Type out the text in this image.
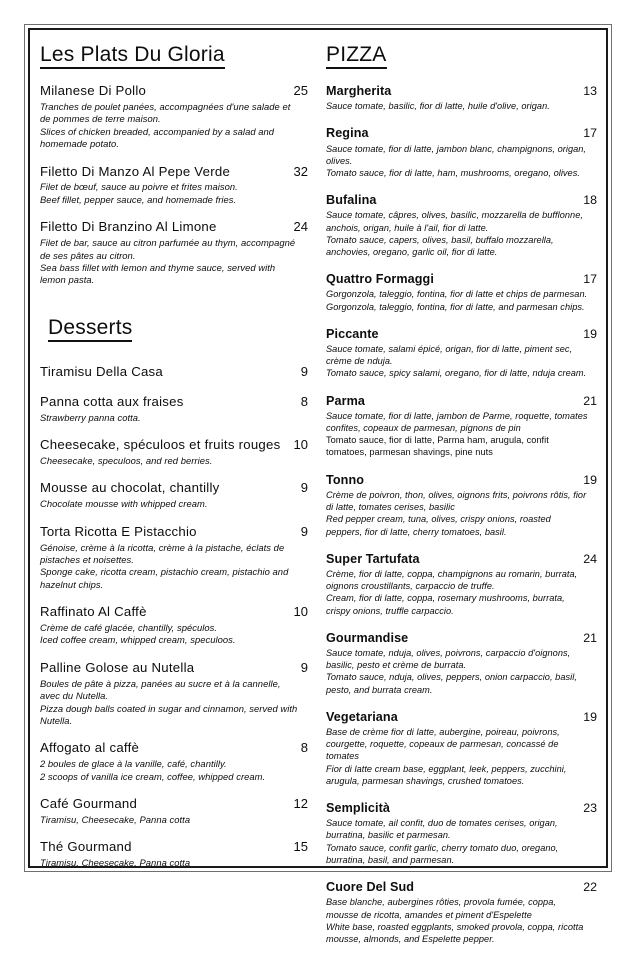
Les Plats Du Gloria
Milanese Di Pollo	25
Tranches de poulet panées, accompagnées d'une salade et de pommes de terre maison.
Slices of chicken breaded, accompanied by a salad and homemade potato.
Filetto Di Manzo Al Pepe Verde	32
Filet de bœuf, sauce au poivre et frites maison.
Beef fillet, pepper sauce, and homemade fries.
Filetto Di Branzino Al Limone	24
Filet de bar, sauce au citron parfumée au thym, accompagné de ses pâtes au citron.
Sea bass fillet with lemon and thyme sauce, served with lemon pasta.
Desserts
Tiramisu Della Casa	9
Panna cotta aux fraises	8
Strawberry panna cotta.
Cheesecake, spéculoos et fruits rouges	10
Cheesecake, speculoos, and red berries.
Mousse au chocolat, chantilly	9
Chocolate mousse with whipped cream.
Torta Ricotta E Pistacchio	9
Génoise, crème à la ricotta, crème à la pistache, éclats de pistaches et noisettes.
Sponge cake, ricotta cream, pistachio cream, pistachio and hazelnut chips.
Raffinato Al Caffè	10
Crème de café glacée, chantilly, spéculos.
Iced coffee cream, whipped cream, speculoos.
Palline Golose au Nutella	9
Boules de pâte à pizza, panées au sucre et à la cannelle, avec du Nutella.
Pizza dough balls coated in sugar and cinnamon, served with Nutella.
Affogato al caffè	8
2 boules de glace à la vanille, café, chantilly.
2 scoops of vanilla ice cream, coffee, whipped cream.
Café Gourmand	12
Tiramisu, Cheesecake, Panna cotta
Thé Gourmand	15
Tiramisu, Cheesecake, Panna cotta
PIZZA
Margherita	13
Sauce tomate, basilic, fior di latte, huile d'olive, origan.
Regina	17
Sauce tomate, fior di latte, jambon blanc, champignons, origan, olives.
Tomato sauce, fior di latte, ham, mushrooms, oregano, olives.
Bufalina	18
Sauce tomate, câpres, olives, basilic, mozzarella de bufflonne, anchois, origan, huile à l'ail, fior di latte.
Tomato sauce, capers, olives, basil, buffalo mozzarella, anchovies, oregano, garlic oil, fior di latte.
Quattro Formaggi	17
Gorgonzola, taleggio, fontina, fior di latte et chips de parmesan.
Gorgonzola, taleggio, fontina, fior di latte, and parmesan chips.
Piccante	19
Sauce tomate, salami épicé, origan, fior di latte, piment sec, crème de nduja.
Tomato sauce, spicy salami, oregano, fior di latte, nduja cream.
Parma	21
Sauce tomate, fior di latte, jambon de Parme, roquette, tomates confites, copeaux de parmesan, pignons de pin
Tomato sauce, fior di latte, Parma ham, arugula, confit tomatoes, parmesan shavings, pine nuts
Tonno	19
Crème de poivron, thon, olives, oignons frits, poivrons rôtis, fior di latte, tomates cerises, basilic
Red pepper cream, tuna, olives, crispy onions, roasted peppers, fior di latte, cherry tomatoes, basil.
Super Tartufata	24
Crème, fior di latte, coppa, champignons au romarin, burrata, oignons croustillants, carpaccio de truffe.
Cream, fior di latte, coppa, rosemary mushrooms, burrata, crispy onions, truffle carpaccio.
Gourmandise	21
Sauce tomate, nduja, olives, poivrons, carpaccio d'oignons, basilic, pesto et crème de burrata.
Tomato sauce, nduja, olives, peppers, onion carpaccio, basil, pesto, and burrata cream.
Vegetariana	19
Base de crème fior di latte, aubergine, poireau, poivrons, courgette, roquette, copeaux de parmesan, concassé de tomates
Fior di latte cream base, eggplant, leek, peppers, zucchini, arugula, parmesan shavings, crushed tomatoes.
Semplicità	23
Sauce tomate, ail confit, duo de tomates cerises, origan, burratina, basilic et parmesan.
Tomato sauce, confit garlic, cherry tomato duo, oregano, burratina, basil, and parmesan.
Cuore Del Sud	22
Base blanche, aubergines rôties, provola fumée, coppa, mousse de ricotta, amandes et piment d'Espelette
White base, roasted eggplants, smoked provola, coppa, ricotta mousse, almonds, and Espelette pepper.
